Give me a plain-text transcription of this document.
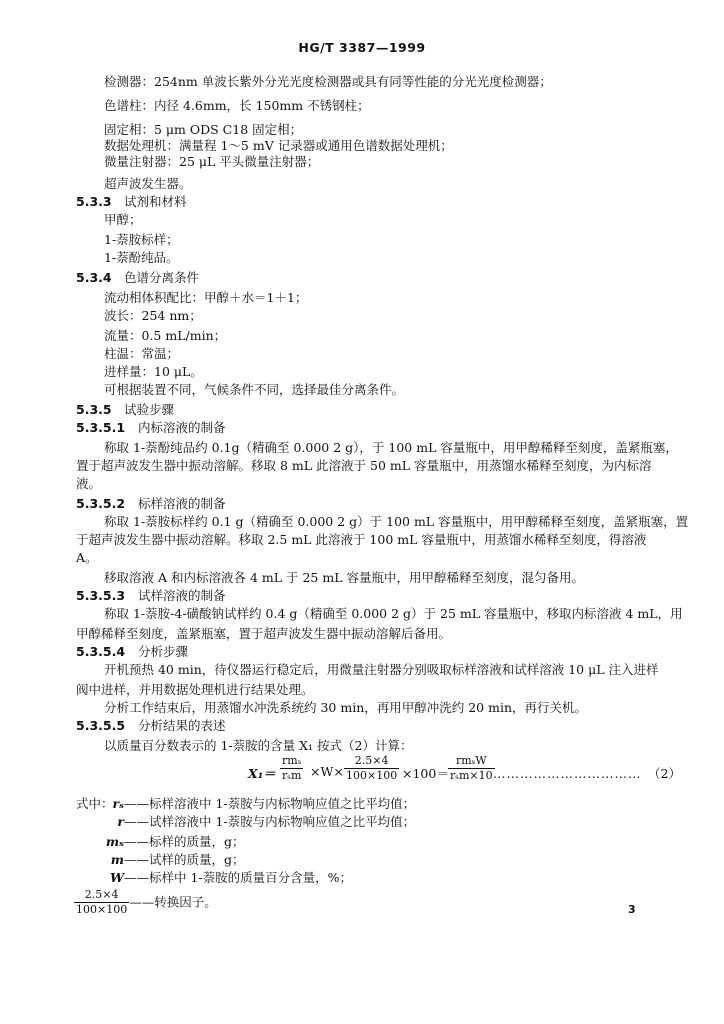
HG/T 3387—1999
检测器：254nm 单波长紫外分光光度检测器或具有同等性能的分光光度检测器；
色谱柱：内径 4.6mm，长 150mm 不锈钢柱；
固定相：5 μm ODS C18 固定相；
数据处理机：满量程 1～5 mV 记录器或通用色谱数据处理机；
微量注射器：25 μL 平头微量注射器；
超声波发生器。
5.3.3 试剂和材料
甲醇；
1-萘胺标样；
1-萘酚纯品。
5.3.4 色谱分离条件
流动相体积配比：甲醇＋水＝1＋1；
波长：254 nm；
流量：0.5 mL/min；
柱温：常温；
进样量：10 μL。
可根据装置不同，气候条件不同，选择最佳分离条件。
5.3.5 试验步骤
5.3.5.1 内标溶液的制备
称取 1-萘酚纯品约 0.1g（精确至 0.000 2 g），于 100 mL 容量瓶中，用甲醇稀释至刻度，盖紧瓶塞，
置于超声波发生器中振动溶解。移取 8 mL 此溶液于 50 mL 容量瓶中，用蒸馏水稀释至刻度，为内标溶
液。
5.3.5.2 标样溶液的制备
称取 1-萘胺标样约 0.1 g（精确至 0.000 2 g）于 100 mL 容量瓶中，用甲醇稀释至刻度，盖紧瓶塞，置
于超声波发生器中振动溶解。移取 2.5 mL 此溶液于 100 mL 容量瓶中，用蒸馏水稀释至刻度，得溶液
A。
移取溶液 A 和内标溶液各 4 mL 于 25 mL 容量瓶中，用甲醇稀释至刻度，混匀备用。
5.3.5.3 试样溶液的制备
称取 1-萘胺-4-磺酸钠试样约 0.4 g（精确至 0.000 2 g）于 25 mL 容量瓶中，移取内标溶液 4 mL，用
甲醇稀释至刻度，盖紧瓶塞，置于超声波发生器中振动溶解后备用。
5.3.5.4 分析步骤
开机预热 40 min，待仪器运行稳定后，用微量注射器分别吸取标样溶液和试样溶液 10 μL 注入进样
阀中进样，并用数据处理机进行结果处理。
分析工作结束后，用蒸馏水冲洗系统约 30 min，再用甲醇冲洗约 20 min，再行关机。
5.3.5.5 分析结果的表述
以质量百分数表示的 1-萘胺的含量 X₁ 按式（2）计算：
$X_1= \frac{\text{rmₛ}}{\text{rₛm}} \times W\times \frac{2.5\times 4}{100\times 100} \times 100= \frac{\text{rmₛW}}{\text{rₛm×10}}$
…………………………… （2）
式中：
rₛ——标样溶液中 1-萘胺与内标物响应值之比平均值；
r——试样溶液中 1-萘胺与内标物响应值之比平均值；
mₛ——标样的质量，g；
m——试样的质量，g；
W——标样中 1-萘胺的质量百分含量，%；
$\frac{2.5\times 4}{100\times 100}$ ——转换因子。	3
